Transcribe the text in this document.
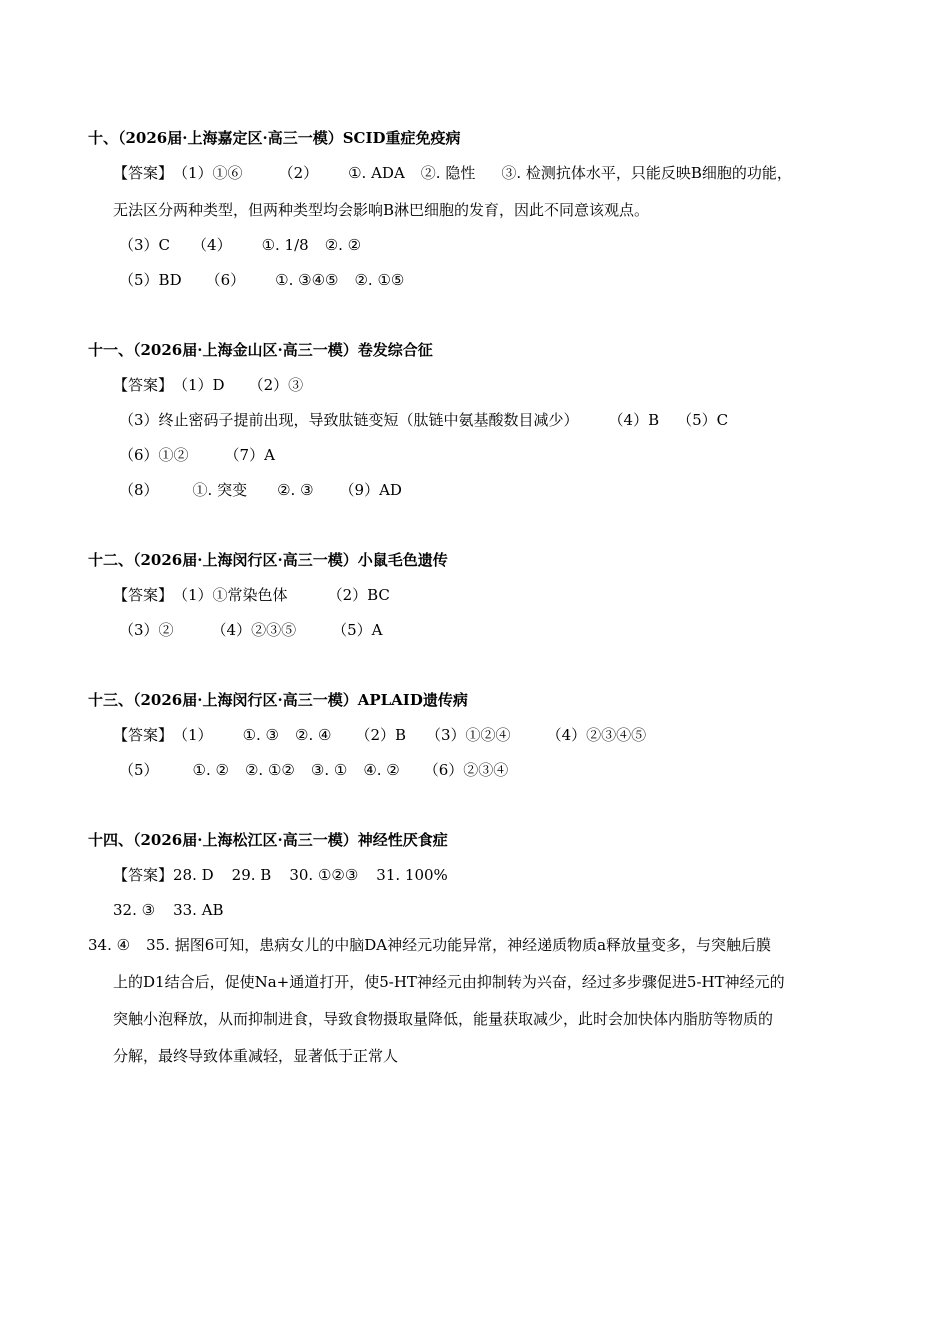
十、（2026届·上海嘉定区·高三一模）SCID重症免疫病
【答案】（1）①⑥ （2） ①. ADA ②. 隐性 ③. 检测抗体水平，只能反映B细胞的功能，
无法区分两种类型，但两种类型均会影响B淋巴细胞的发育，因此不同意该观点。
（3）C （4） ①. 1/8 ②. ②
（5）BD （6） ①. ③④⑤ ②. ①⑤
十一、（2026届·上海金山区·高三一模）卷发综合征
【答案】（1）D （2）③
（3）终止密码子提前出现，导致肽链变短（肽链中氨基酸数目减少） （4）B （5）C
（6）①② （7）A
（8） ①. 突变 ②. ③ （9）AD
十二、（2026届·上海闵行区·高三一模）小鼠毛色遗传
【答案】（1）①常染色体	（2）BC
（3）②	（4）②③⑤ （5）A
十三、（2026届·上海闵行区·高三一模）APLAID遗传病
【答案】（1） ①. ③ ②. ④ （2）B （3）①②④ （4）②③④⑤
（5） ①. ② ②. ①② ③. ① ④. ② （6）②③④
十四、（2026届·上海松江区·高三一模）神经性厌食症
【答案】28. D 29. B 30. ①②③ 31. 100%
32. ③ 33. AB
34. ④ 35. 据图6可知，患病女儿的中脑DA神经元功能异常，神经递质物质a释放量变多，与突触后膜
上的D1结合后，促使Na+通道打开，使5-HT神经元由抑制转为兴奋，经过多步骤促进5-HT神经元的
突触小泡释放，从而抑制进食，导致食物摄取量降低，能量获取减少，此时会加快体内脂肪等物质的
分解，最终导致体重减轻，显著低于正常人
